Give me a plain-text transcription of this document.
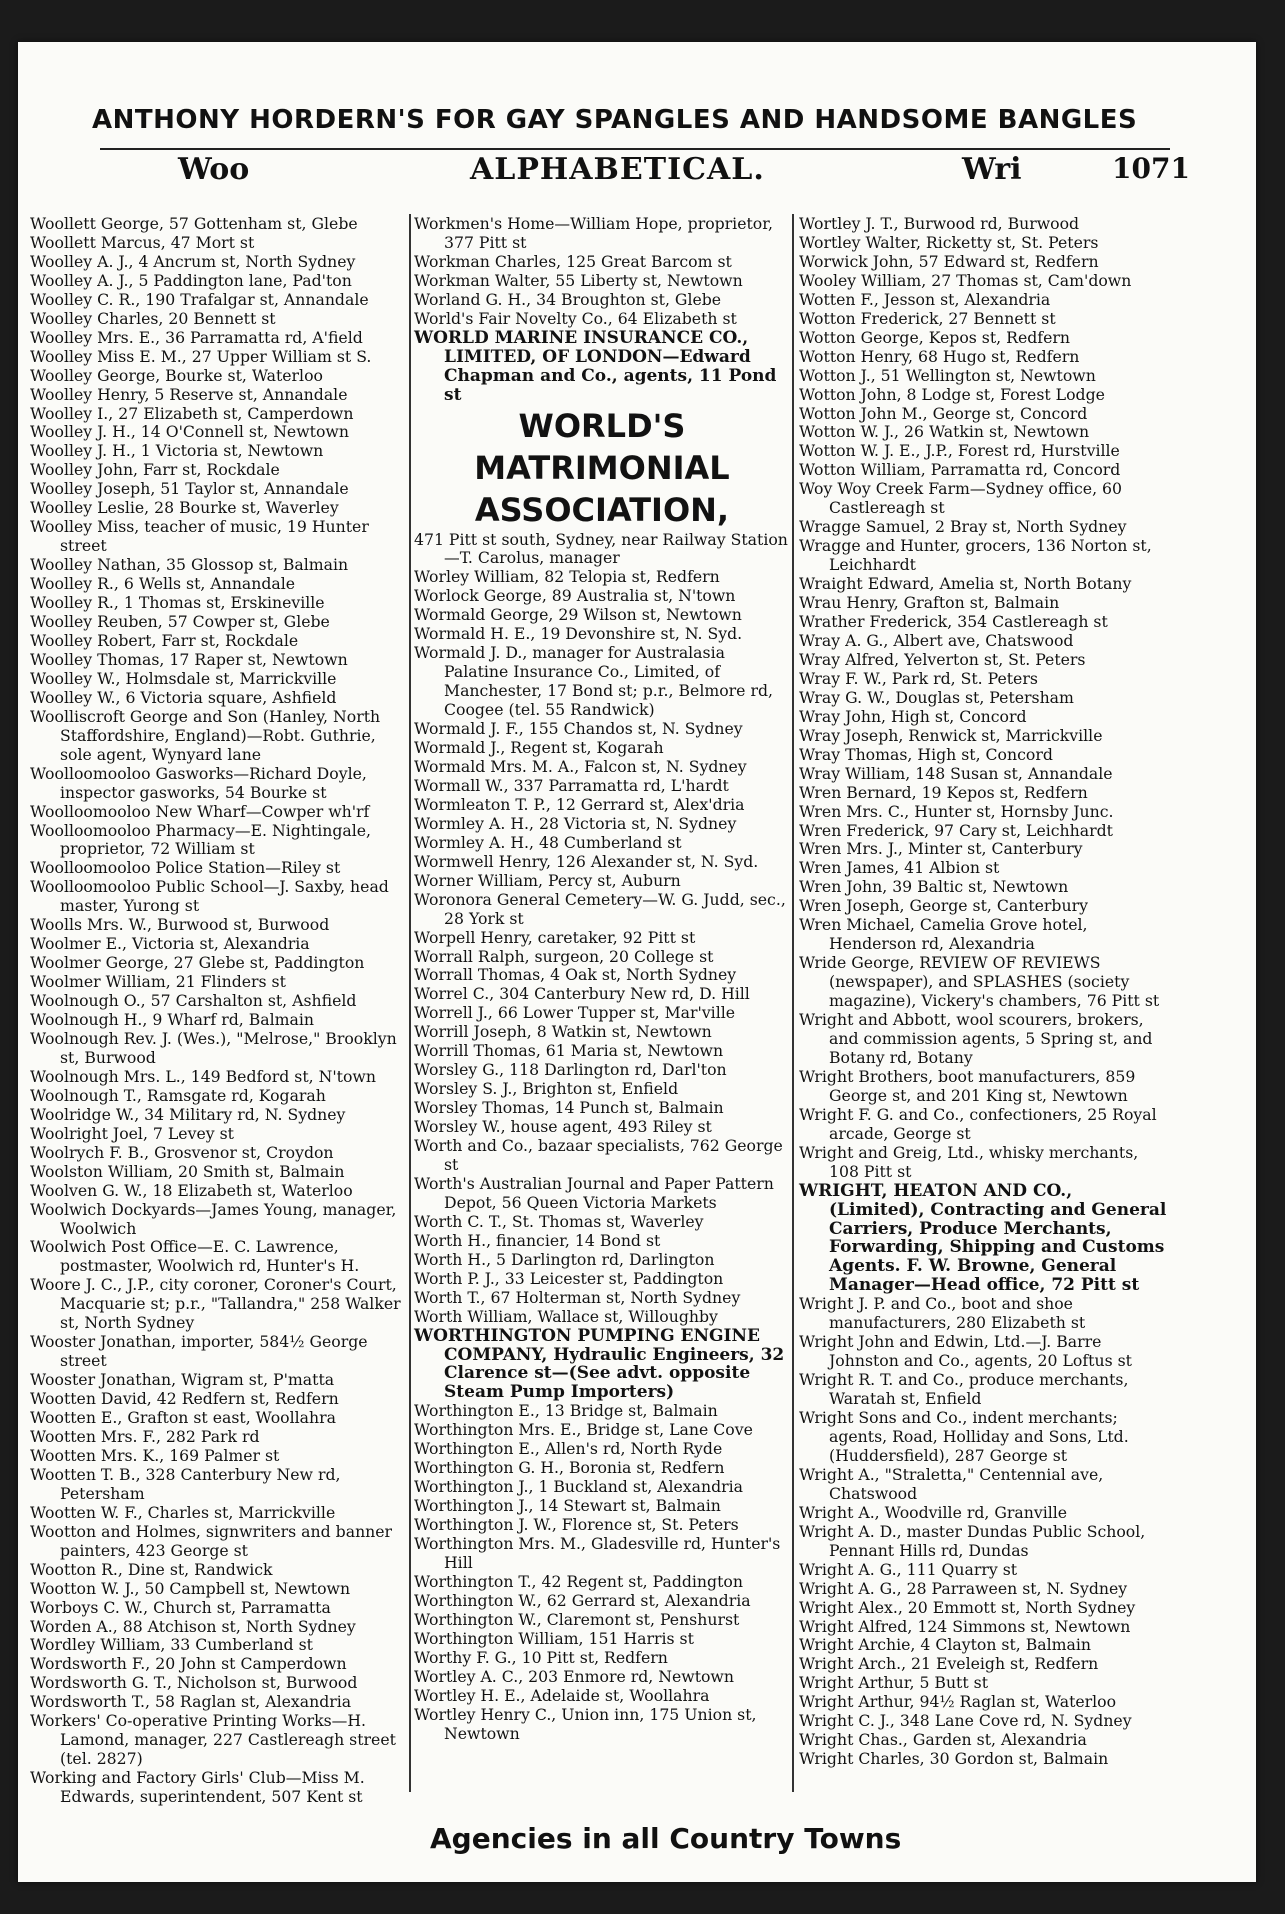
ANTHONY HORDERN'S FOR GAY SPANGLES AND HANDSOME BANGLES
Woo	ALPHABETICAL.	Wri	1071
Woollett George, 57 Gottenham st, Glebe
Woollett Marcus, 47 Mort st
Woolley A. J., 4 Ancrum st, North Sydney
Woolley A. J., 5 Paddington lane, Pad'ton
Woolley C. R., 190 Trafalgar st, Annandale
Woolley Charles, 20 Bennett st
Woolley Mrs. E., 36 Parramatta rd, A'field
Woolley Miss E. M., 27 Upper William st S.
Woolley George, Bourke st, Waterloo
Woolley Henry, 5 Reserve st, Annandale
Woolley I., 27 Elizabeth st, Camperdown
Woolley J. H., 14 O'Connell st, Newtown
Woolley J. H., 1 Victoria st, Newtown
Woolley John, Farr st, Rockdale
Woolley Joseph, 51 Taylor st, Annandale
Woolley Leslie, 28 Bourke st, Waverley
Woolley Miss, teacher of music, 19 Hunter street
Woolley Nathan, 35 Glossop st, Balmain
Woolley R., 6 Wells st, Annandale
Woolley R., 1 Thomas st, Erskineville
Woolley Reuben, 57 Cowper st, Glebe
Woolley Robert, Farr st, Rockdale
Woolley Thomas, 17 Raper st, Newtown
Woolley W., Holmsdale st, Marrickville
Woolley W., 6 Victoria square, Ashfield
Woolliscroft George and Son (Hanley, North Staffordshire, England)—Robt. Guthrie, sole agent, Wynyard lane
Woolloomooloo Gasworks—Richard Doyle, inspector gasworks, 54 Bourke st
Woolloomooloo New Wharf—Cowper wh'rf
Woolloomooloo Pharmacy—E. Nightingale, proprietor, 72 William st
Woolloomooloo Police Station—Riley st
Woolloomooloo Public School—J. Saxby, head master, Yurong st
Woolls Mrs. W., Burwood st, Burwood
Woolmer E., Victoria st, Alexandria
Woolmer George, 27 Glebe st, Paddington
Woolmer William, 21 Flinders st
Woolnough O., 57 Carshalton st, Ashfield
Woolnough H., 9 Wharf rd, Balmain
Woolnough Rev. J. (Wes.), "Melrose," Brooklyn st, Burwood
Woolnough Mrs. L., 149 Bedford st, N'town
Woolnough T., Ramsgate rd, Kogarah
Woolridge W., 34 Military rd, N. Sydney
Woolright Joel, 7 Levey st
Woolrych F. B., Grosvenor st, Croydon
Woolston William, 20 Smith st, Balmain
Woolven G. W., 18 Elizabeth st, Waterloo
Woolwich Dockyards—James Young, manager, Woolwich
Woolwich Post Office—E. C. Lawrence, postmaster, Woolwich rd, Hunter's H.
Woore J. C., J.P., city coroner, Coroner's Court, Macquarie st; p.r., "Tallandra," 258 Walker st, North Sydney
Wooster Jonathan, importer, 584½ George street
Wooster Jonathan, Wigram st, P'matta
Wootten David, 42 Redfern st, Redfern
Wootten E., Grafton st east, Woollahra
Wootten Mrs. F., 282 Park rd
Wootten Mrs. K., 169 Palmer st
Wootten T. B., 328 Canterbury New rd, Petersham
Wootten W. F., Charles st, Marrickville
Wootton and Holmes, signwriters and banner painters, 423 George st
Wootton R., Dine st, Randwick
Wootton W. J., 50 Campbell st, Newtown
Worboys C. W., Church st, Parramatta
Worden A., 88 Atchison st, North Sydney
Wordley William, 33 Cumberland st
Wordsworth F., 20 John st Camperdown
Wordsworth G. T., Nicholson st, Burwood
Wordsworth T., 58 Raglan st, Alexandria
Workers' Co-operative Printing Works—H. Lamond, manager, 227 Castlereagh street (tel. 2827)
Working and Factory Girls' Club—Miss M. Edwards, superintendent, 507 Kent st
Workmen's Home—William Hope, proprietor, 377 Pitt st
Workman Charles, 125 Great Barcom st
Workman Walter, 55 Liberty st, Newtown
Worland G. H., 34 Broughton st, Glebe
World's Fair Novelty Co., 64 Elizabeth st
WORLD MARINE INSURANCE CO., LIMITED, OF LONDON—Edward Chapman and Co., agents, 11 Pond st
WORLD'S MATRIMONIAL ASSOCIATION,
471 Pitt st south, Sydney, near Railway Station—T. Carolus, manager
Worley William, 82 Telopia st, Redfern
Worlock George, 89 Australia st, N'town
Wormald George, 29 Wilson st, Newtown
Wormald H. E., 19 Devonshire st, N. Syd.
Wormald J. D., manager for Australasia Palatine Insurance Co., Limited, of Manchester, 17 Bond st; p.r., Belmore rd, Coogee (tel. 55 Randwick)
Wormald J. F., 155 Chandos st, N. Sydney
Wormald J., Regent st, Kogarah
Wormald Mrs. M. A., Falcon st, N. Sydney
Wormall W., 337 Parramatta rd, L'hardt
Wormleaton T. P., 12 Gerrard st, Alex'dria
Wormley A. H., 28 Victoria st, N. Sydney
Wormley A. H., 48 Cumberland st
Wormwell Henry, 126 Alexander st, N. Syd.
Worner William, Percy st, Auburn
Woronora General Cemetery—W. G. Judd, sec., 28 York st
Worpell Henry, caretaker, 92 Pitt st
Worrall Ralph, surgeon, 20 College st
Worrall Thomas, 4 Oak st, North Sydney
Worrel C., 304 Canterbury New rd, D. Hill
Worrell J., 66 Lower Tupper st, Mar'ville
Worrill Joseph, 8 Watkin st, Newtown
Worrill Thomas, 61 Maria st, Newtown
Worsley G., 118 Darlington rd, Darl'ton
Worsley S. J., Brighton st, Enfield
Worsley Thomas, 14 Punch st, Balmain
Worsley W., house agent, 493 Riley st
Worth and Co., bazaar specialists, 762 George st
Worth's Australian Journal and Paper Pattern Depot, 56 Queen Victoria Markets
Worth C. T., St. Thomas st, Waverley
Worth H., financier, 14 Bond st
Worth H., 5 Darlington rd, Darlington
Worth P. J., 33 Leicester st, Paddington
Worth T., 67 Holterman st, North Sydney
Worth William, Wallace st, Willoughby
WORTHINGTON PUMPING ENGINE COMPANY, Hydraulic Engineers, 32 Clarence st—(See advt. opposite Steam Pump Importers)
Worthington E., 13 Bridge st, Balmain
Worthington Mrs. E., Bridge st, Lane Cove
Worthington E., Allen's rd, North Ryde
Worthington G. H., Boronia st, Redfern
Worthington J., 1 Buckland st, Alexandria
Worthington J., 14 Stewart st, Balmain
Worthington J. W., Florence st, St. Peters
Worthington Mrs. M., Gladesville rd, Hunter's Hill
Worthington T., 42 Regent st, Paddington
Worthington W., 62 Gerrard st, Alexandria
Worthington W., Claremont st, Penshurst
Worthington William, 151 Harris st
Worthy F. G., 10 Pitt st, Redfern
Wortley A. C., 203 Enmore rd, Newtown
Wortley H. E., Adelaide st, Woollahra
Wortley Henry C., Union inn, 175 Union st, Newtown
Wortley J. T., Burwood rd, Burwood
Wortley Walter, Ricketty st, St. Peters
Worwick John, 57 Edward st, Redfern
Wooley William, 27 Thomas st, Cam'down
Wotten F., Jesson st, Alexandria
Wotton Frederick, 27 Bennett st
Wotton George, Kepos st, Redfern
Wotton Henry, 68 Hugo st, Redfern
Wotton J., 51 Wellington st, Newtown
Wotton John, 8 Lodge st, Forest Lodge
Wotton John M., George st, Concord
Wotton W. J., 26 Watkin st, Newtown
Wotton W. J. E., J.P., Forest rd, Hurstville
Wotton William, Parramatta rd, Concord
Woy Woy Creek Farm—Sydney office, 60 Castlereagh st
Wragge Samuel, 2 Bray st, North Sydney
Wragge and Hunter, grocers, 136 Norton st, Leichhardt
Wraight Edward, Amelia st, North Botany
Wrau Henry, Grafton st, Balmain
Wrather Frederick, 354 Castlereagh st
Wray A. G., Albert ave, Chatswood
Wray Alfred, Yelverton st, St. Peters
Wray F. W., Park rd, St. Peters
Wray G. W., Douglas st, Petersham
Wray John, High st, Concord
Wray Joseph, Renwick st, Marrickville
Wray Thomas, High st, Concord
Wray William, 148 Susan st, Annandale
Wren Bernard, 19 Kepos st, Redfern
Wren Mrs. C., Hunter st, Hornsby Junc.
Wren Frederick, 97 Cary st, Leichhardt
Wren Mrs. J., Minter st, Canterbury
Wren James, 41 Albion st
Wren John, 39 Baltic st, Newtown
Wren Joseph, George st, Canterbury
Wren Michael, Camelia Grove hotel, Henderson rd, Alexandria
Wride George, REVIEW OF REVIEWS (newspaper), and SPLASHES (society magazine), Vickery's chambers, 76 Pitt st
Wright and Abbott, wool scourers, brokers, and commission agents, 5 Spring st, and Botany rd, Botany
Wright Brothers, boot manufacturers, 859 George st, and 201 King st, Newtown
Wright F. G. and Co., confectioners, 25 Royal arcade, George st
Wright and Greig, Ltd., whisky merchants, 108 Pitt st
WRIGHT, HEATON AND CO., (Limited), Contracting and General Carriers, Produce Merchants, Forwarding, Shipping and Customs Agents. F. W. Browne, General Manager—Head office, 72 Pitt st
Wright J. P. and Co., boot and shoe manufacturers, 280 Elizabeth st
Wright John and Edwin, Ltd.—J. Barre Johnston and Co., agents, 20 Loftus st
Wright R. T. and Co., produce merchants, Waratah st, Enfield
Wright Sons and Co., indent merchants; agents, Road, Holliday and Sons, Ltd. (Huddersfield), 287 George st
Wright A., "Straletta," Centennial ave, Chatswood
Wright A., Woodville rd, Granville
Wright A. D., master Dundas Public School, Pennant Hills rd, Dundas
Wright A. G., 111 Quarry st
Wright A. G., 28 Parraween st, N. Sydney
Wright Alex., 20 Emmott st, North Sydney
Wright Alfred, 124 Simmons st, Newtown
Wright Archie, 4 Clayton st, Balmain
Wright Arch., 21 Eveleigh st, Redfern
Wright Arthur, 5 Butt st
Wright Arthur, 94½ Raglan st, Waterloo
Wright C. J., 348 Lane Cove rd, N. Sydney
Wright Chas., Garden st, Alexandria
Wright Charles, 30 Gordon st, Balmain
Agencies in all Country Towns
